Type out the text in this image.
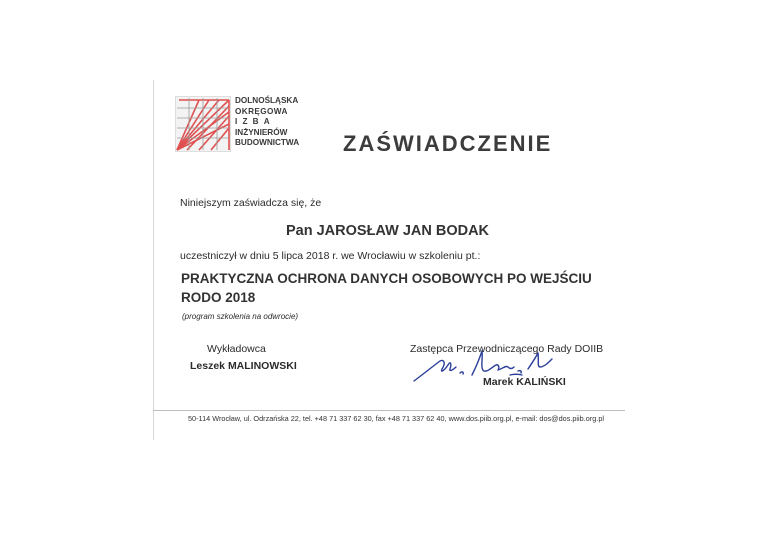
DOLNOŚLĄSKA
OKRĘGOWA
IZBA
INŻYNIERÓW
BUDOWNICTWA ZAŚWIADCZENIE
Niniejszym zaświadcza się, że
Pan JAROSŁAW JAN BODAK
uczestniczył w dniu 5 lipca 2018 r. we Wrocławiu w szkoleniu pt.:
PRAKTYCZNA OCHRONA DANYCH OSOBOWYCH PO WEJŚCIU
RODO 2018
(program szkolenia na odwrocie)
Wykładowca
Leszek MALINOWSKI
Zastępca Przewodniczącego Rady DOIIB
Marek KALIŃSKI
50-114 Wrocław, ul. Odrzańska 22, tel. +48 71 337 62 30, fax +48 71 337 62 40, www.dos.piib.org.pl, e-mail: dos@dos.piib.org.pl
